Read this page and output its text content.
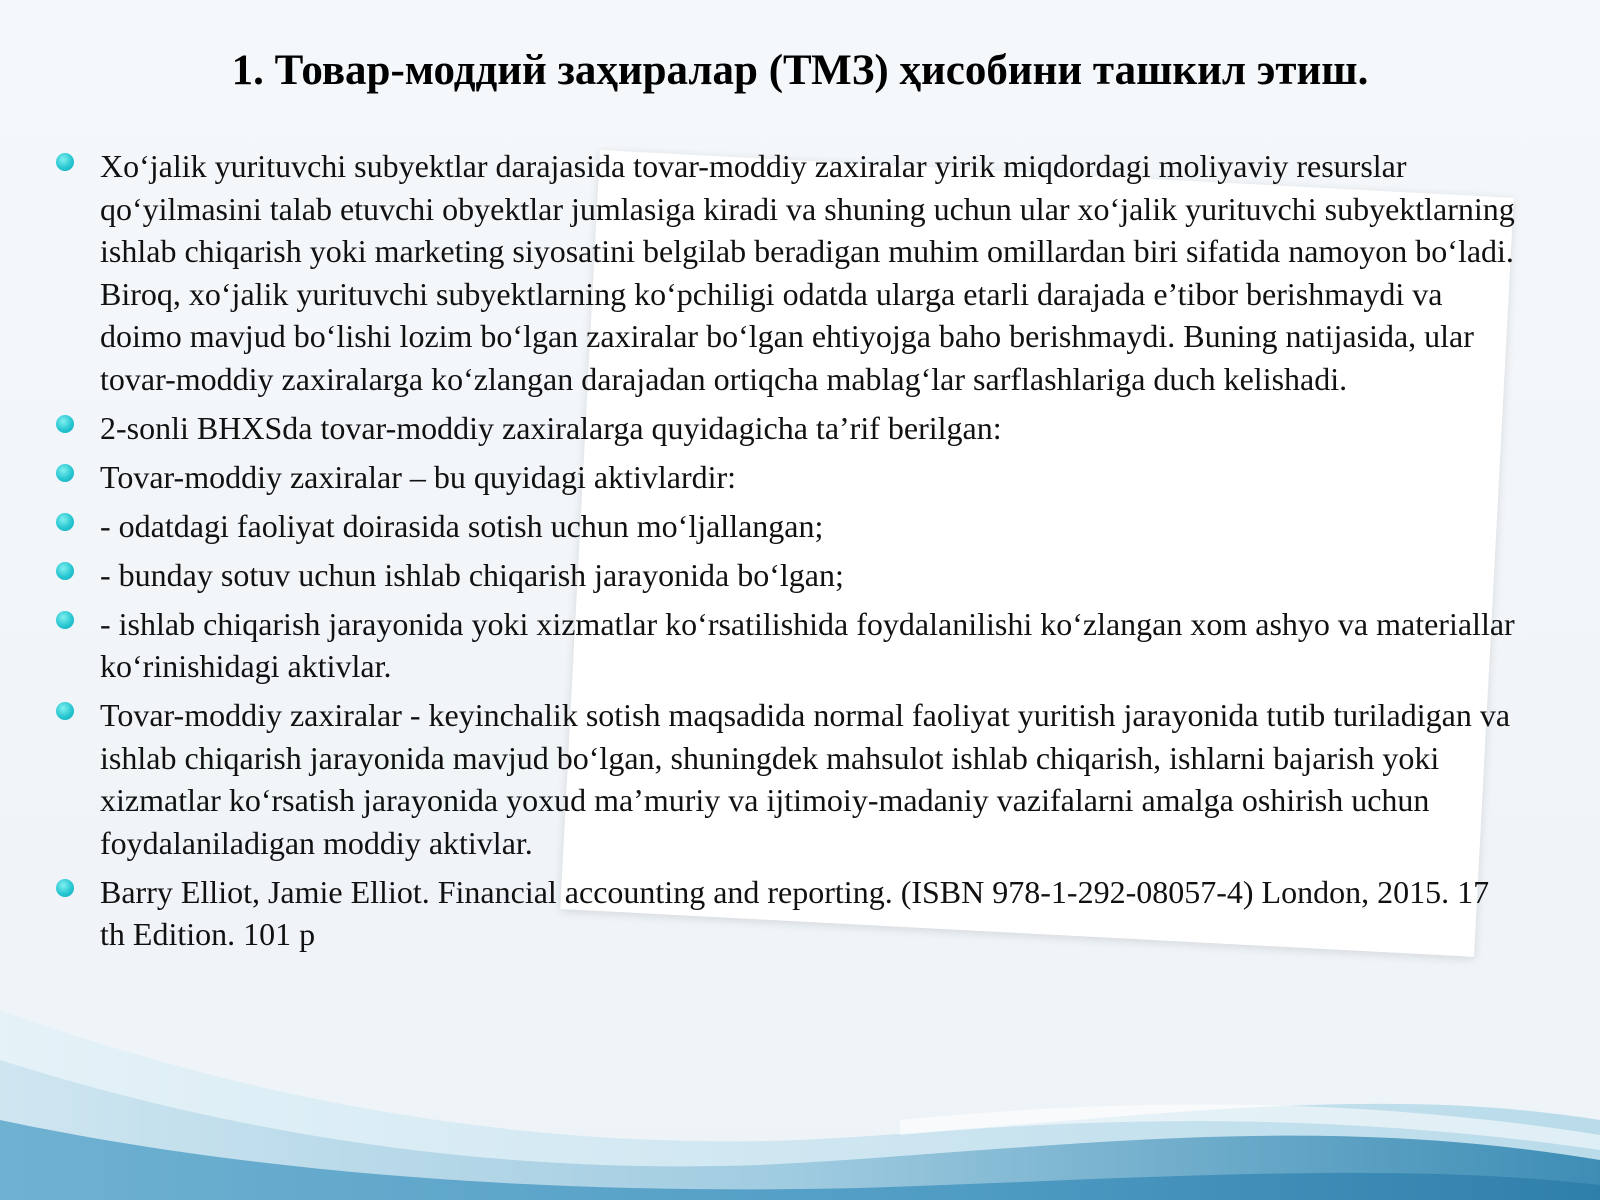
1. Товар-моддий заҳиралар (ТМЗ) ҳисобини ташкил этиш.
Xo‘jalik yurituvchi subyektlar darajasida tovar-moddiy zaxiralar yirik miqdordagi moliyaviy resurslar qo‘yilmasini talab etuvchi obyektlar jumlasiga kiradi va shuning uchun ular xo‘jalik yurituvchi subyektlarning ishlab chiqarish yoki marketing siyosatini belgilab beradigan muhim omillardan biri sifatida namoyon bo‘ladi. Biroq, xo‘jalik yurituvchi subyektlarning ko‘pchiligi odatda ularga etarli darajada e’tibor berishmaydi va doimo mavjud bo‘lishi lozim bo‘lgan zaxiralar bo‘lgan ehtiyojga baho berishmaydi. Buning natijasida, ular tovar-moddiy zaxiralarga ko‘zlangan darajadan ortiqcha mablag‘lar sarflashlariga duch kelishadi.
2-sonli BHXSda tovar-moddiy zaxiralarga quyidagicha ta’rif berilgan:
Tovar-moddiy zaxiralar – bu quyidagi aktivlardir:
- odatdagi faoliyat doirasida sotish uchun mo‘ljallangan;
- bunday sotuv uchun ishlab chiqarish jarayonida bo‘lgan;
- ishlab chiqarish jarayonida yoki xizmatlar ko‘rsatilishida foydalanilishi ko‘zlangan xom ashyo va materiallar ko‘rinishidagi aktivlar.
Tovar-moddiy zaxiralar - keyinchalik sotish maqsadida normal faoliyat yuritish jarayonida tutib turiladigan va ishlab chiqarish jarayonida mavjud bo‘lgan, shuningdek mahsulot ishlab chiqarish, ishlarni bajarish yoki xizmatlar ko‘rsatish jarayonida yoxud ma’muriy va ijtimoiy-madaniy vazifalarni amalga oshirish uchun foydalaniladigan moddiy aktivlar.
Barry Elliot, Jamie Elliot. Financial accounting and reporting. (ISBN 978-1-292-08057-4) London, 2015. 17 th Edition. 101 p
